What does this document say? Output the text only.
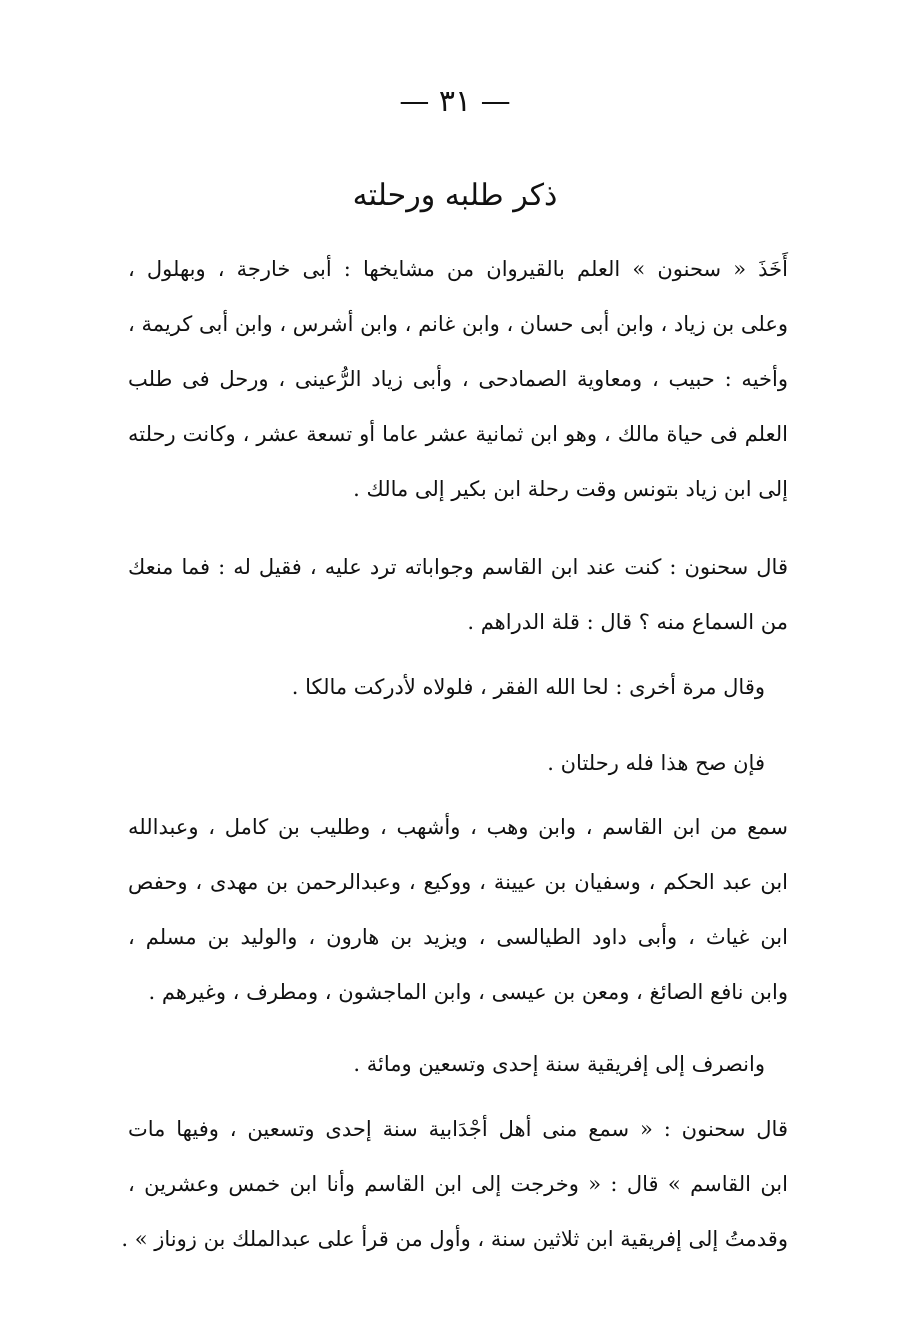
— ٣١ —
ذكر طلبه ورحلته
أَخَذَ « سحنون » العلم بالقيروان من مشايخها : أبى خارجة ، وبهلول ،
وعلى بن زياد ، وابن أبى حسان ، وابن غانم ، وابن أشرس ، وابن أبى كريمة ،
وأخيه : حبيب ، ومعاوية الصمادحى ، وأبى زياد الرُّعينى ، ورحل فى طلب
العلم فى حياة مالك ، وهو ابن ثمانية عشر عاما أو تسعة عشر ، وكانت رحلته
إلى ابن زياد بتونس وقت رحلة ابن بكير إلى مالك .
قال سحنون : كنت عند ابن القاسم وجواباته ترد عليه ، فقيل له : فما منعك
من السماع منه ؟ قال : قلة الدراهم .
وقال مرة أخرى : لحا الله الفقر ، فلولاه لأدركت مالكا .
فإن صح هذا فله رحلتان .
سمع من ابن القاسم ، وابن وهب ، وأشهب ، وطليب بن كامل ، وعبدالله
ابن عبد الحكم ، وسفيان بن عيينة ، ووكيع ، وعبدالرحمن بن مهدى ، وحفص
ابن غياث ، وأبى داود الطيالسى ، ويزيد بن هارون ، والوليد بن مسلم ،
وابن نافع الصائغ ، ومعن بن عيسى ، وابن الماجشون ، ومطرف ، وغيرهم .
وانصرف إلى إفريقية سنة إحدى وتسعين ومائة .
قال سحنون : « سمع منى أهل أجْدَابية سنة إحدى وتسعين ، وفيها مات
ابن القاسم » قال : « وخرجت إلى ابن القاسم وأنا ابن خمس وعشرين ،
وقدمتُ إلى إفريقية ابن ثلاثين سنة ، وأول من قرأ على عبدالملك بن زوناز » .
